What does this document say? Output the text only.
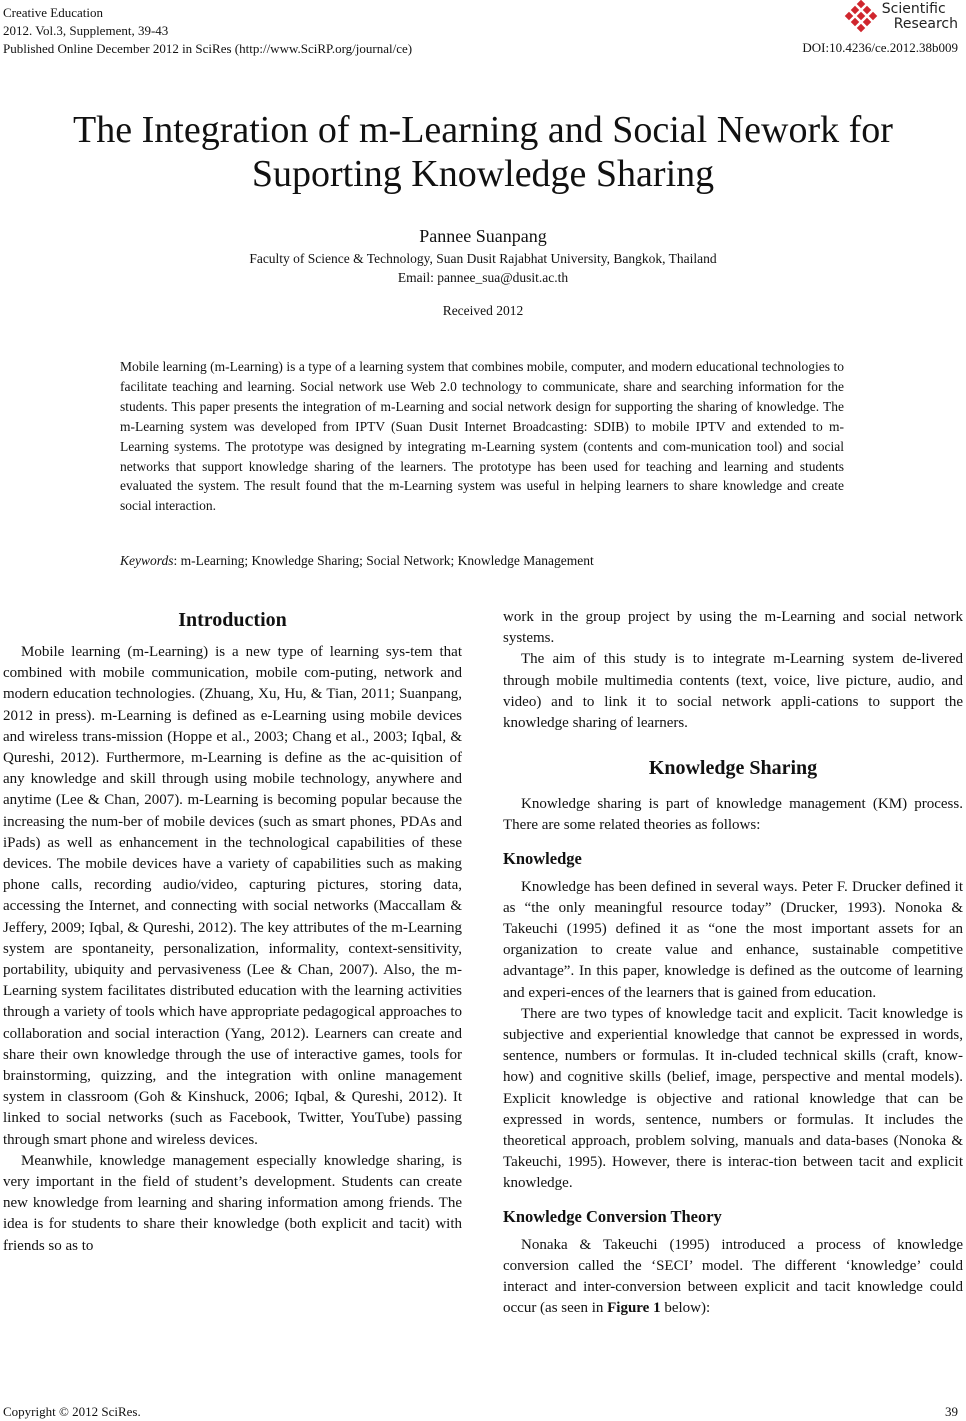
Creative Education
2012. Vol.3, Supplement, 39-43
Published Online December 2012 in SciRes (http://www.SciRP.org/journal/ce)
Scientific
Research
DOI:10.4236/ce.2012.38b009
The Integration of m-Learning and Social Nework for Suporting Knowledge Sharing
Pannee Suanpang
Faculty of Science & Technology, Suan Dusit Rajabhat University, Bangkok, Thailand
Email: pannee_sua@dusit.ac.th
Received 2012

Mobile learning (m-Learning) is a type of a learning system that combines mobile, computer, and modern educational technologies to facilitate teaching and learning. Social network use Web 2.0 technology to communicate, share and searching information for the students. This paper presents the integration of m-Learning and social network design for supporting the sharing of knowledge. The m-Learning system was developed from IPTV (Suan Dusit Internet Broadcasting: SDIB) to mobile IPTV and extended to m-Learning systems. The prototype was designed by integrating m-Learning system (contents and com-munication tool) and social networks that support knowledge sharing of the learners. The prototype has been used for teaching and learning and students evaluated the system. The result found that the m-Learning system was useful in helping learners to share knowledge and create social interaction.

Keywords: m-Learning; Knowledge Sharing; Social Network; Knowledge Management
Introduction

Mobile learning (m-Learning) is a new type of learning sys-tem that combined with mobile communication, mobile com-puting, network and modern education technologies. (Zhuang, Xu, Hu, & Tian, 2011; Suanpang, 2012 in press). m-Learning is defined as e-Learning using mobile devices and wireless trans-mission (Hoppe et al., 2003; Chang et al., 2003; Iqbal, & Qureshi, 2012). Furthermore, m-Learning is define as the ac-quisition of any knowledge and skill through using mobile technology, anywhere and anytime (Lee & Chan, 2007). m-Learning is becoming popular because the increasing the num-ber of mobile devices (such as smart phones, PDAs and iPads) as well as enhancement in the technological capabilities of these devices. The mobile devices have a variety of capabilities such as making phone calls, recording audio/video, capturing pictures, storing data, accessing the Internet, and connecting with social networks (Maccallam & Jeffery, 2009; Iqbal, & Qureshi, 2012). The key attributes of the m-Learning system are spontaneity, personalization, informality, context-sensitivity, portability, ubiquity and pervasiveness (Lee & Chan, 2007). Also, the m-Learning system facilitates distributed education with the learning activities through a variety of tools which have appropriate pedagogical approaches to collaboration and social interaction (Yang, 2012). Learners can create and share their own knowledge through the use of interactive games, tools for brainstorming, quizzing, and the integration with online management system in classroom (Goh & Kinshuck, 2006; Iqbal, & Qureshi, 2012). It linked to social networks (such as Facebook, Twitter, YouTube) passing through smart phone and wireless devices.

Meanwhile, knowledge management especially knowledge sharing, is very important in the field of student’s development. Students can create new knowledge from learning and sharing information among friends. The idea is for students to share their knowledge (both explicit and tacit) with friends so as to

work in the group project by using the m-Learning and social network systems.

The aim of this study is to integrate m-Learning system de-livered through mobile multimedia contents (text, voice, live picture, audio, and video) and to link it to social network appli-cations to support the knowledge sharing of learners.

Knowledge Sharing

Knowledge sharing is part of knowledge management (KM) process. There are some related theories as follows:

Knowledge

Knowledge has been defined in several ways. Peter F. Drucker defined it as “the only meaningful resource today” (Drucker, 1993). Nonoka & Takeuchi (1995) defined it as “one the most important assets for an organization to create value and enhance, sustainable competitive advantage”. In this paper, knowledge is defined as the outcome of learning and experi-ences of the learners that is gained from education.

There are two types of knowledge tacit and explicit. Tacit knowledge is subjective and experiential knowledge that cannot be expressed in words, sentence, numbers or formulas. It in-cluded technical skills (craft, know-how) and cognitive skills (belief, image, perspective and mental models). Explicit knowledge is objective and rational knowledge that can be expressed in words, sentence, numbers or formulas. It includes the theoretical approach, problem solving, manuals and data-bases (Nonoka & Takeuchi, 1995). However, there is interac-tion between tacit and explicit knowledge.

Knowledge Conversion Theory

Nonaka & Takeuchi (1995) introduced a process of knowledge conversion called the ‘SECI’ model. The different ‘knowledge’ could interact and inter-conversion between explicit and tacit knowledge could occur (as seen in Figure 1 below):

Copyright © 2012 SciRes.	39
